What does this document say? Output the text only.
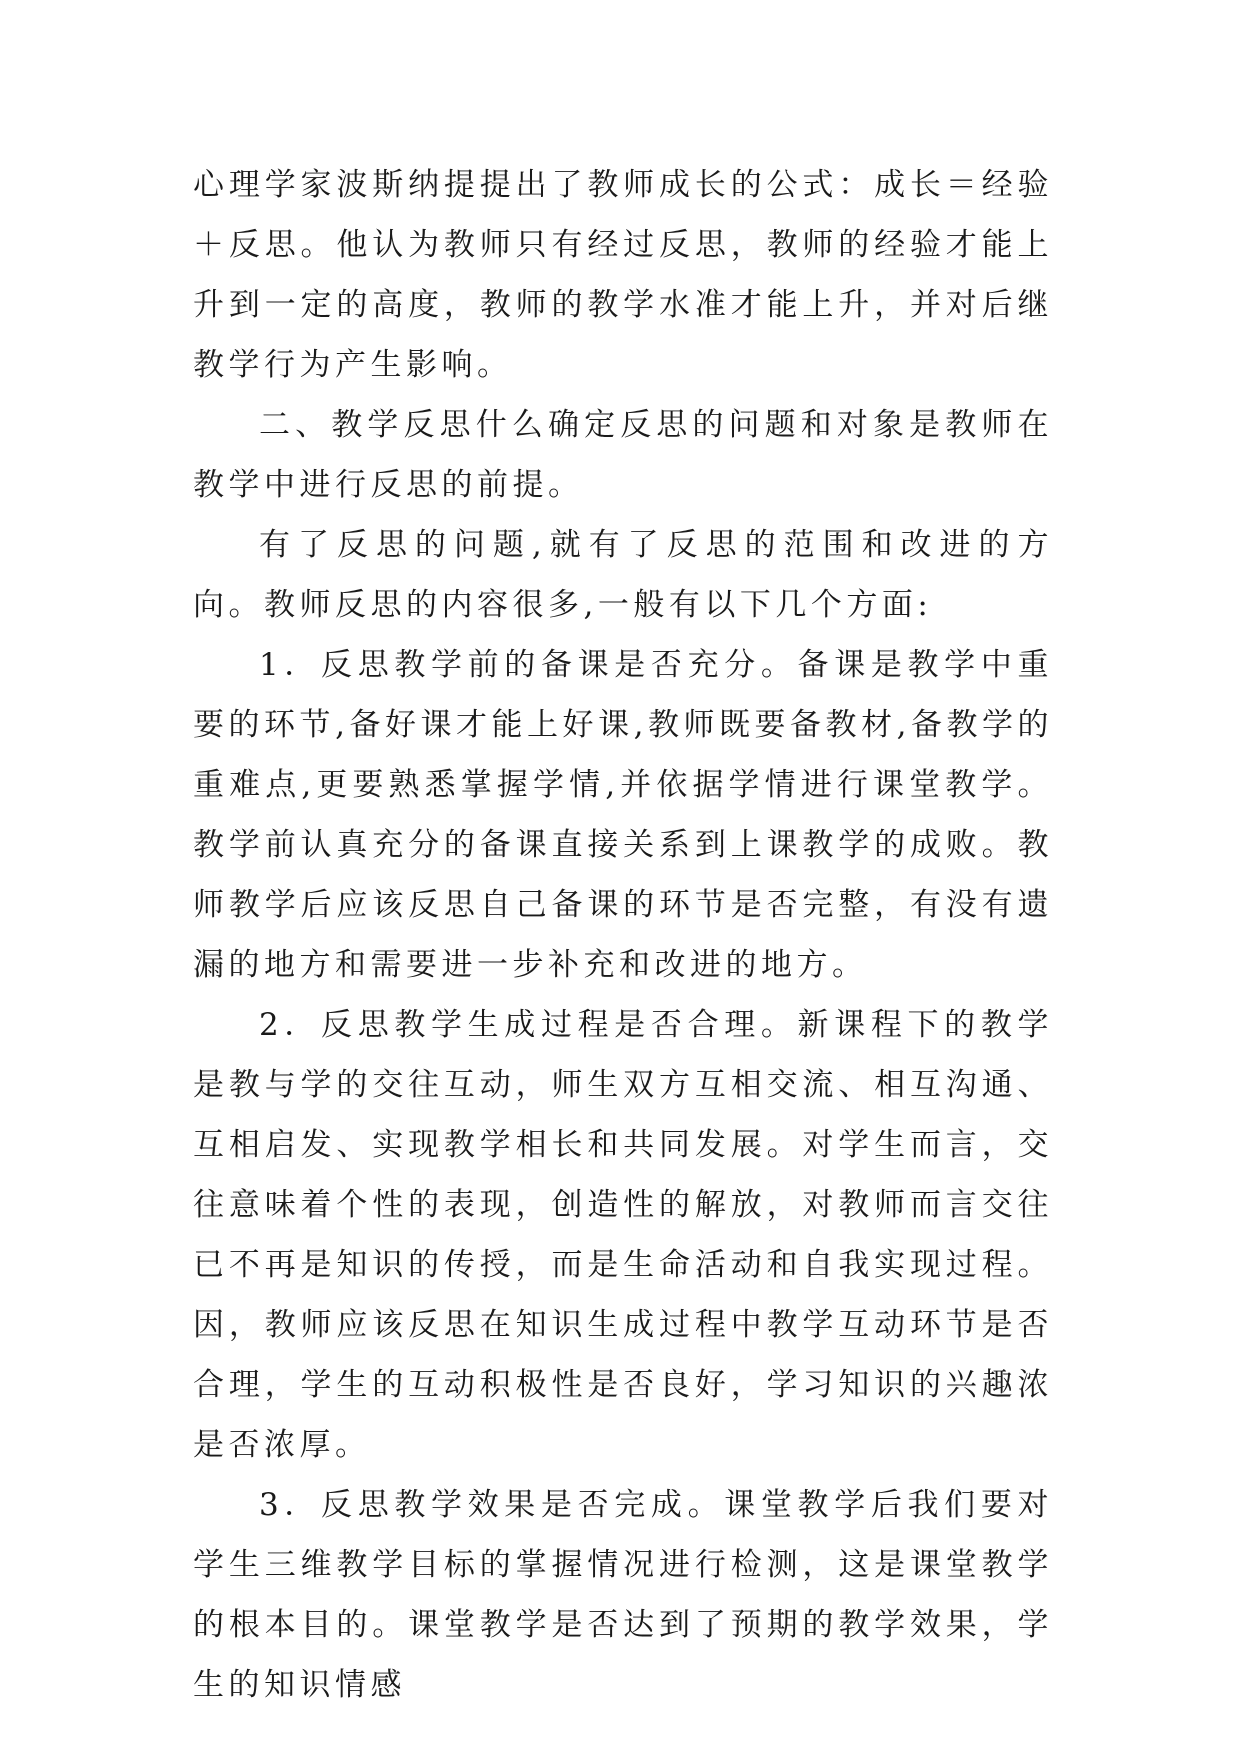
心理学家波斯纳提提出了教师成长的公式：成长＝经验＋反思。他认为教师只有经过反思，教师的经验才能上升到一定的高度，教师的教学水准才能上升，并对后继教学行为产生影响。

二、教学反思什么确定反思的问题和对象是教师在教学中进行反思的前提。

有了反思的问题,就有了反思的范围和改进的方向。教师反思的内容很多,一般有以下几个方面:

1．反思教学前的备课是否充分。备课是教学中重要的环节,备好课才能上好课,教师既要备教材,备教学的重难点,更要熟悉掌握学情,并依据学情进行课堂教学。教学前认真充分的备课直接关系到上课教学的成败。教师教学后应该反思自己备课的环节是否完整，有没有遗漏的地方和需要进一步补充和改进的地方。

2．反思教学生成过程是否合理。新课程下的教学是教与学的交往互动，师生双方互相交流、相互沟通、互相启发、实现教学相长和共同发展。对学生而言，交往意味着个性的表现，创造性的解放，对教师而言交往已不再是知识的传授，而是生命活动和自我实现过程。因，教师应该反思在知识生成过程中教学互动环节是否合理，学生的互动积极性是否良好，学习知识的兴趣浓是否浓厚。

3．反思教学效果是否完成。课堂教学后我们要对学生三维教学目标的掌握情况进行检测，这是课堂教学的根本目的。课堂教学是否达到了预期的教学效果，学生的知识情感
